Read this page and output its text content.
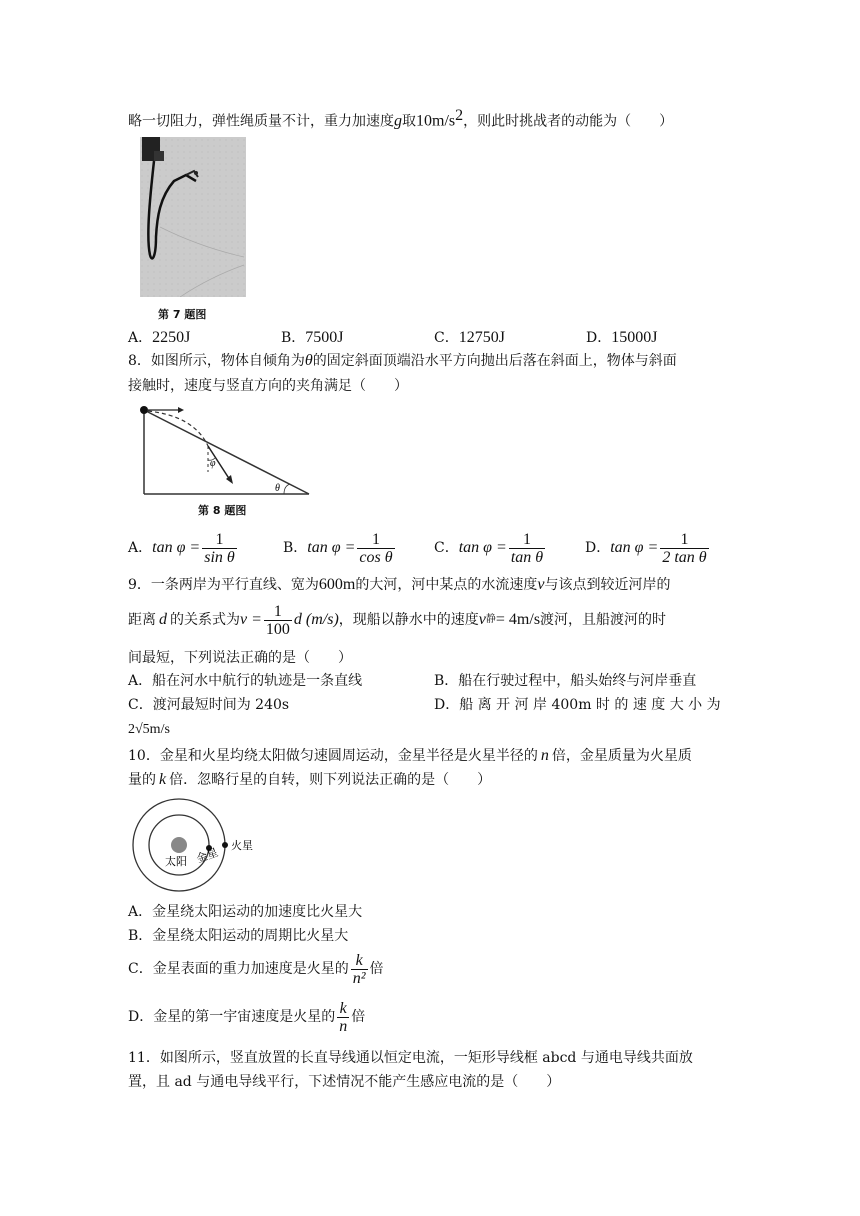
略一切阻力，弹性绳质量不计，重力加速度g取$10m/s^2$，则此时挑战者的动能为（　　）
第 7 题图
A．2250J	B．7500J	C．12750J	D．15000J
8．如图所示，物体自倾角为θ的固定斜面顶端沿水平方向抛出后落在斜面上，物体与斜面
接触时，速度与竖直方向的夹角满足（　　）
φ
θ
第 8 题图
A． $\tan \varphi = \frac{1}{\text{sin θ}}$	B． $\tan \varphi = \frac{1}{\text{cos θ}}$	C． $\tan \varphi = \frac{1}{\text{tan θ}}$	D． $\tan \varphi = \frac{1}{\text{2 tan θ}}$
9．一条两岸为平行直线、宽为600m的大河，河中某点的水流速度v与该点到较近河岸的
距离 d 的关系式为 $v = \frac{1}{100}$ d (m/s) ，现船以静水中的速度 v 静 = 4m/s 渡河，且船渡河的时
间最短，下列说法正确的是（　　）
A．船在河水中航行的轨迹是一条直线	B．船在行驶过程中，船头始终与河岸垂直
C．渡河最短时间为 240s	D．船 离 开 河 岸 400m 时 的 速 度 大 小 为
2√5m/s
10．金星和火星均绕太阳做匀速圆周运动，金星半径是火星半径的 n 倍，金星质量为火星质
量的 k 倍．忽略行星的自转，则下列说法正确的是（　　）
太阳 金星
火星
A．金星绕太阳运动的加速度比火星大
B．金星绕太阳运动的周期比火星大
C． 金星表面的重力加速度是火星的 $\frac{k}{\text{n²}}$ 倍
D． 金星的第一宇宙速度是火星的 $\frac{k}{n}$ 倍
11．如图所示，竖直放置的长直导线通以恒定电流，一矩形导线框 abcd 与通电导线共面放
置，且 ad 与通电导线平行，下述情况不能产生感应电流的是（　　）
